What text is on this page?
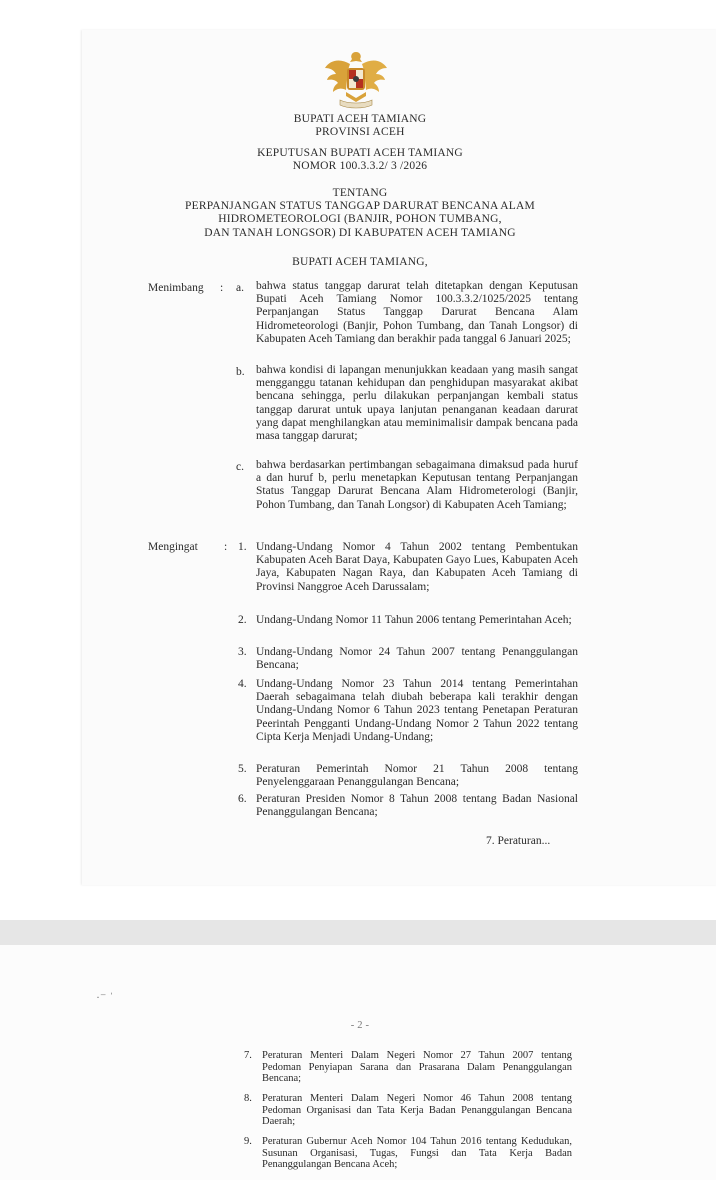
BUPATI ACEH TAMIANG
PROVINSI ACEH
KEPUTUSAN BUPATI ACEH TAMIANG
NOMOR 100.3.3.2/ 3 /2026
TENTANG
PERPANJANGAN STATUS TANGGAP DARURAT BENCANA ALAM
HIDROMETEOROLOGI (BANJIR, POHON TUMBANG,
DAN TANAH LONGSOR) DI KABUPATEN ACEH TAMIANG
BUPATI ACEH TAMIANG,
Menimbang : a. bahwa status tanggap darurat telah ditetapkan dengan Keputusan Bupati Aceh Tamiang Nomor 100.3.3.2/1025/2025 tentang Perpanjangan Status Tanggap Darurat Bencana Alam Hidrometeorologi (Banjir, Pohon Tumbang, dan Tanah Longsor) di Kabupaten Aceh Tamiang dan berakhir pada tanggal 6 Januari 2025;
b. bahwa kondisi di lapangan menunjukkan keadaan yang masih sangat mengganggu tatanan kehidupan dan penghidupan masyarakat akibat bencana sehingga, perlu dilakukan perpanjangan kembali status tanggap darurat untuk upaya lanjutan penanganan keadaan darurat yang dapat menghilangkan atau meminimalisir dampak bencana pada masa tanggap darurat;
c. bahwa berdasarkan pertimbangan sebagaimana dimaksud pada huruf a dan huruf b, perlu menetapkan Keputusan tentang Perpanjangan Status Tanggap Darurat Bencana Alam Hidrometerologi (Banjir, Pohon Tumbang, dan Tanah Longsor) di Kabupaten Aceh Tamiang;
Mengingat : 1. Undang-Undang Nomor 4 Tahun 2002 tentang Pembentukan Kabupaten Aceh Barat Daya, Kabupaten Gayo Lues, Kabupaten Aceh Jaya, Kabupaten Nagan Raya, dan Kabupaten Aceh Tamiang di Provinsi Nanggroe Aceh Darussalam;
2. Undang-Undang Nomor 11 Tahun 2006 tentang Pemerintahan Aceh;
3. Undang-Undang Nomor 24 Tahun 2007 tentang Penanggulangan Bencana;
4. Undang-Undang Nomor 23 Tahun 2014 tentang Pemerintahan Daerah sebagaimana telah diubah beberapa kali terakhir dengan Undang-Undang Nomor 6 Tahun 2023 tentang Penetapan Peraturan Peerintah Pengganti Undang-Undang Nomor 2 Tahun 2022 tentang Cipta Kerja Menjadi Undang-Undang;
5. Peraturan Pemerintah Nomor 21 Tahun 2008 tentang Penyelenggaraan Penanggulangan Bencana;
6. Peraturan Presiden Nomor 8 Tahun 2008 tentang Badan Nasional Penanggulangan Bencana;
7. Peraturan...
·⁻ ˈ
- 2 -
7. Peraturan Menteri Dalam Negeri Nomor 27 Tahun 2007 tentang Pedoman Penyiapan Sarana dan Prasarana Dalam Penanggulangan Bencana;
8. Peraturan Menteri Dalam Negeri Nomor 46 Tahun 2008 tentang Pedoman Organisasi dan Tata Kerja Badan Penanggulangan Bencana Daerah;
9. Peraturan Gubernur Aceh Nomor 104 Tahun 2016 tentang Kedudukan, Susunan Organisasi, Tugas, Fungsi dan Tata Kerja Badan Penanggulangan Bencana Aceh;
